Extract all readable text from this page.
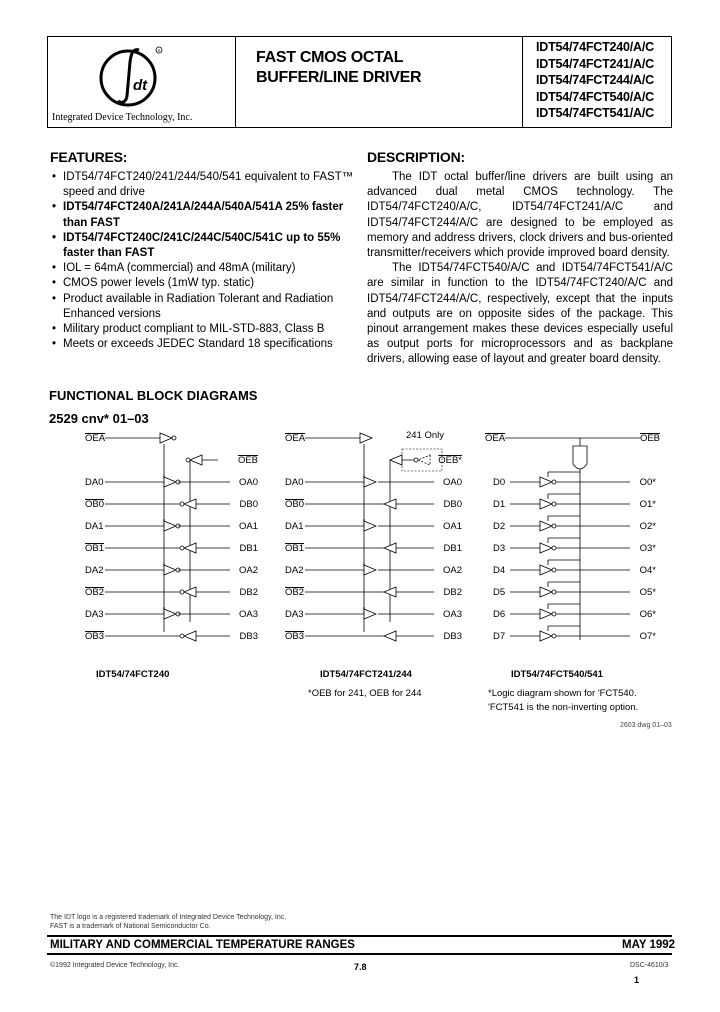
dt
R
Integrated Device Technology, Inc.
FAST CMOS OCTAL
BUFFER/LINE DRIVER
IDT54/74FCT240/A/C
IDT54/74FCT241/A/C
IDT54/74FCT244/A/C
IDT54/74FCT540/A/C
IDT54/74FCT541/A/C
FEATURES:
• IDT54/74FCT240/241/244/540/541 equivalent to FAST™ speed and drive
• IDT54/74FCT240A/241A/244A/540A/541A 25% faster than FAST
• IDT54/74FCT240C/241C/244C/540C/541C up to 55% faster than FAST
• IOL = 64mA (commercial) and 48mA (military)
• CMOS power levels (1mW typ. static)
• Product available in Radiation Tolerant and Radiation Enhanced versions
• Military product compliant to MIL-STD-883, Class B
• Meets or exceeds JEDEC Standard 18 specifications
DESCRIPTION:
The IDT octal buffer/line drivers are built using an advanced dual metal CMOS technology. The IDT54/74FCT240/A/C, IDT54/74FCT241/A/C and IDT54/74FCT244/A/C are designed to be employed as memory and address drivers, clock drivers and bus-oriented transmitter/receivers which provide improved board density.
The IDT54/74FCT540/A/C and IDT54/74FCT541/A/C are similar in function to the IDT54/74FCT240/A/C and IDT54/74FCT244/A/C, respectively, except that the inputs and outputs are on opposite sides of the package. This pinout arrangement makes these devices especially useful as output ports for microprocessors and as backplane drivers, allowing ease of layout and greater board density.
FUNCTIONAL BLOCK DIAGRAMS
2529 cnv* 01–03
OEA
OEB
DA0	OA0
OB0	DB0
DA1	OA1
OB1	DB1
DA2	OA2
OB2	DB2
DA3	OA3
OB3	DB3
OEA
OEB*
DA0	OA0
OB0	DB0
DA1	OA1
OB1	DB1
DA2	OA2
OB2	DB2
DA3	OA3
OB3	DB3
OEA	OEB
D0	O0*
D1	O1*
D2	O2*
D3	O3*
D4	O4*
D5	O5*
D6	O6*
D7	O7*
IDT54/74FCT240	IDT54/74FCT241/244	IDT54/74FCT540/541
241 Only
*OEB for 241, OEB for 244	*Logic diagram shown for 'FCT540.
'FCT541 is the non-inverting option.
2603 dwg 01–03
The IDT logo is a registered trademark of Integrated Device Technology, Inc.
FAST is a trademark of National Semiconductor Co.
MILITARY AND COMMERCIAL TEMPERATURE RANGES	MAY 1992
©1992 Integrated Device Technology, Inc.	7.8	DSC-4610/3
1
